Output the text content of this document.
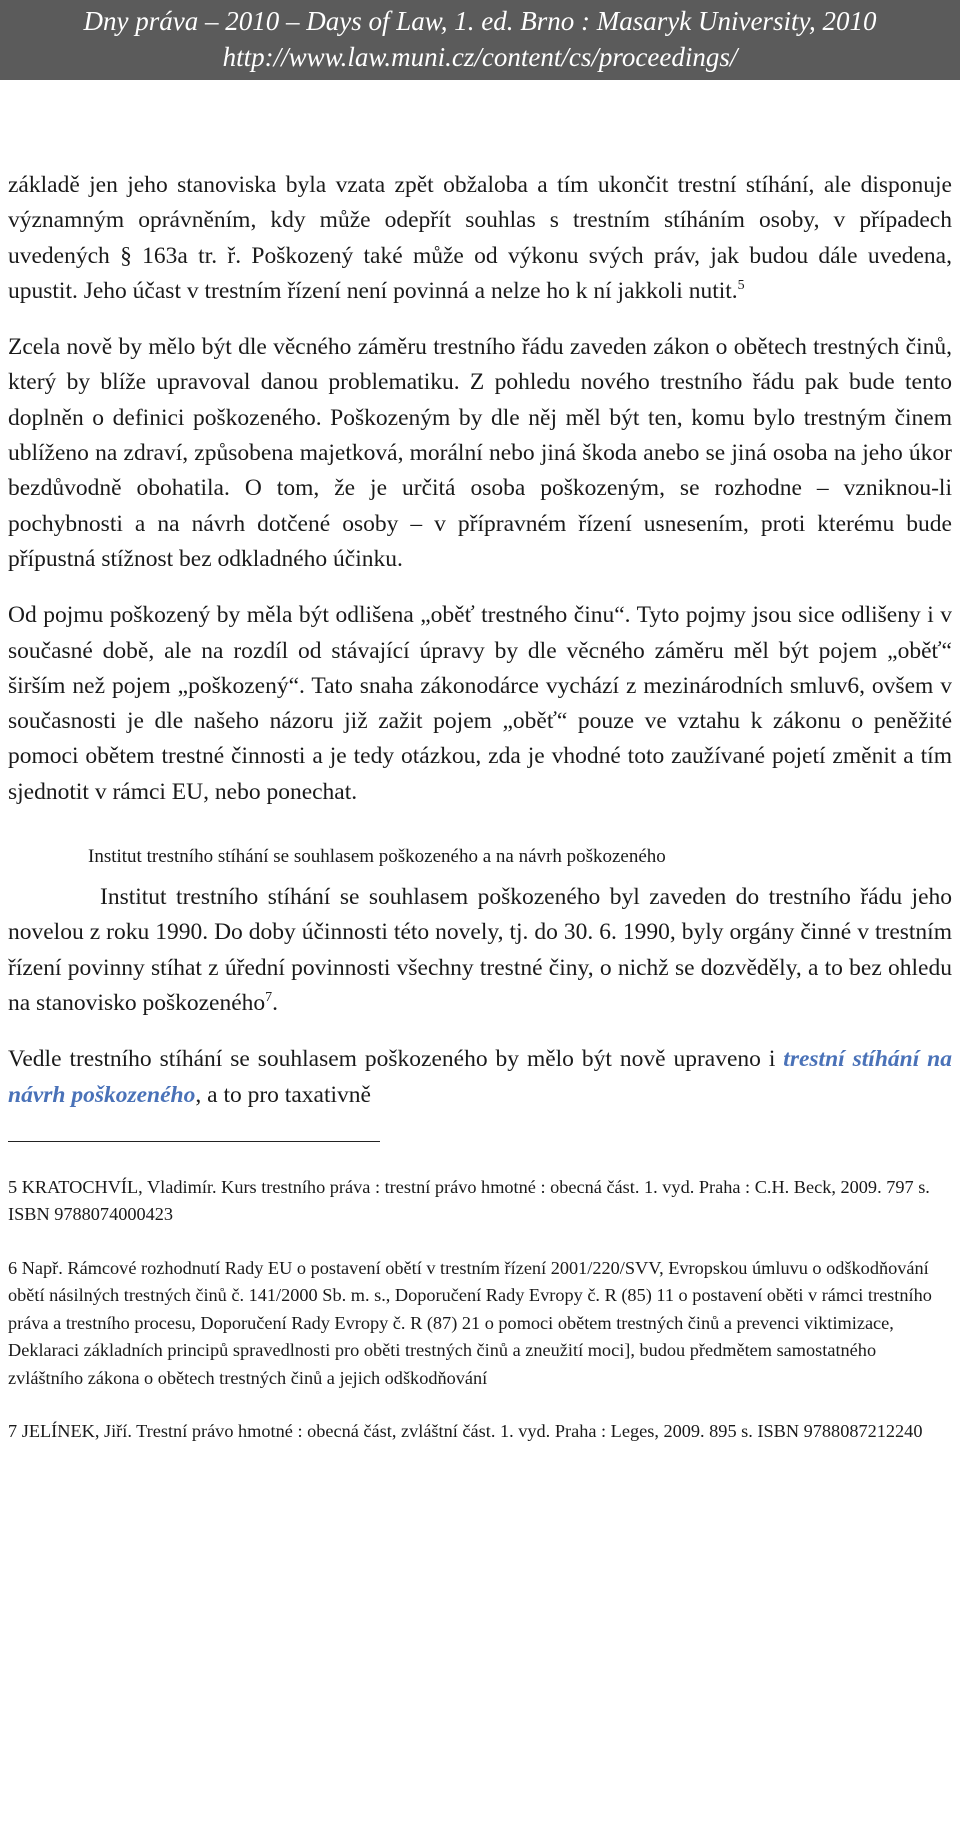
Dny práva – 2010 – Days of Law, 1. ed. Brno : Masaryk University, 2010
http://www.law.muni.cz/content/cs/proceedings/

základě jen jeho stanoviska byla vzata zpět obžaloba a tím ukončit trestní stíhání, ale disponuje významným oprávněním, kdy může odepřít souhlas s trestním stíháním osoby, v případech uvedených § 163a tr. ř. Poškozený také může od výkonu svých práv, jak budou dále uvedena, upustit. Jeho účast v trestním řízení není povinná a nelze ho k ní jakkoli nutit.$^5$

Zcela nově by mělo být dle věcného záměru trestního řádu zaveden zákon o obětech trestných činů, který by blíže upravoval danou problematiku. Z pohledu nového trestního řádu pak bude tento doplněn o definici poškozeného. Poškozeným by dle něj měl být ten, komu bylo trestným činem ublíženo na zdraví, způsobena majetková, morální nebo jiná škoda anebo se jiná osoba na jeho úkor bezdůvodně obohatila. O tom, že je určitá osoba poškozeným, se rozhodne – vzniknou-li pochybnosti a na návrh dotčené osoby – v přípravném řízení usnesením, proti kterému bude přípustná stížnost bez odkladného účinku.

Od pojmu poškozený by měla být odlišena „oběť trestného činu“. Tyto pojmy jsou sice odlišeny i v současné době, ale na rozdíl od stávající úpravy by dle věcného záměru měl být pojem „oběť“ širším než pojem „poškozený“. Tato snaha zákonodárce vychází z mezinárodních smluv6, ovšem v současnosti je dle našeho názoru již zažit pojem „oběť“ pouze ve vztahu k zákonu o peněžité pomoci obětem trestné činnosti a je tedy otázkou, zda je vhodné toto zaužívané pojetí změnit a tím sjednotit v rámci EU, nebo ponechat.

Institut trestního stíhání se souhlasem poškozeného a na návrh poškozeného

Institut trestního stíhání se souhlasem poškozeného byl zaveden do trestního řádu jeho novelou z roku 1990. Do doby účinnosti této novely, tj. do 30. 6. 1990, byly orgány činné v trestním řízení povinny stíhat z úřední povinnosti všechny trestné činy, o nichž se dozvěděly, a to bez ohledu na stanovisko poškozeného$^7$.

Vedle trestního stíhání se souhlasem poškozeného by mělo být nově upraveno i trestní stíhání na návrh poškozeného, a to pro taxativně

5 KRATOCHVÍL, Vladimír. Kurs trestního práva : trestní právo hmotné : obecná část. 1. vyd. Praha : C.H. Beck, 2009. 797 s. ISBN 9788074000423

6 Např. Rámcové rozhodnutí Rady EU o postavení obětí v trestním řízení 2001/220/SVV, Evropskou úmluvu o odškodňování obětí násilných trestných činů č. 141/2000 Sb. m. s., Doporučení Rady Evropy č. R (85) 11 o postavení oběti v rámci trestního práva a trestního procesu, Doporučení Rady Evropy č. R (87) 21 o pomoci obětem trestných činů a prevenci viktimizace, Deklaraci základních principů spravedlnosti pro oběti trestných činů a zneužití moci], budou předmětem samostatného zvláštního zákona o obětech trestných činů a jejich odškodňování

7 JELÍNEK, Jiří. Trestní právo hmotné : obecná část, zvláštní část. 1. vyd. Praha : Leges, 2009. 895 s. ISBN 9788087212240
